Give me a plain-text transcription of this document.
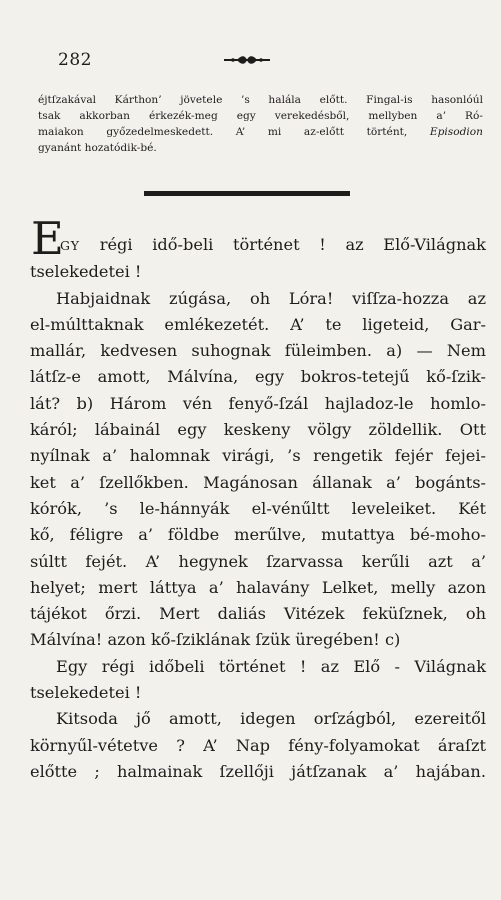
282
éjtſzakával Kárthon’ jövetele ’s halála előtt. Fingal-is hasonlóúl
tsak akkorban érkezék-meg egy verekedésből, mellyben a’ Ró-
maiakon győzedelmeskedett. A’ mi az-előtt történt, Episodion
gyanánt hozatódik-bé.
E
GY régi idő-beli történet ! az Elő-Világnak
tselekedetei !
Habjaidnak zúgása, oh Lóra! viſſza-hozza az
el-múlttaknak emlékezetét. A’ te ligeteid, Gar-
mallár, kedvesen suhognak füleimben. a) — Nem
látſz-e amott, Málvína, egy bokros-tetejű kő-ſzik-
lát? b) Három vén fenyő-ſzál hajladoz-le homlo-
káról; lábainál egy keskeny völgy zöldellik. Ott
nyílnak a’ halomnak virági, ’s rengetik fejér fejei-
ket a’ ſzellőkben. Magánosan állanak a’ bogánts-
kórók, ’s le-hánnyák el-vénűltt leveleiket. Két
kő, féligre a’ földbe merűlve, mutattya bé-moho-
súltt fejét. A’ hegynek ſzarvassa kerűli azt a’
helyet; mert láttya a’ halavány Lelket, melly azon
tájékot őrzi. Mert daliás Vitézek feküſznek, oh
Málvína! azon kő-ſziklának ſzük üregében! c)
Egy régi időbeli történet ! az Elő - Világnak
tselekedetei !
Kitsoda jő amott, idegen orſzágból, ezereitől
környűl-vétetve ? A’ Nap fény-folyamokat áraſzt
előtte ; halmainak ſzellőji játſzanak a’ hajában.
